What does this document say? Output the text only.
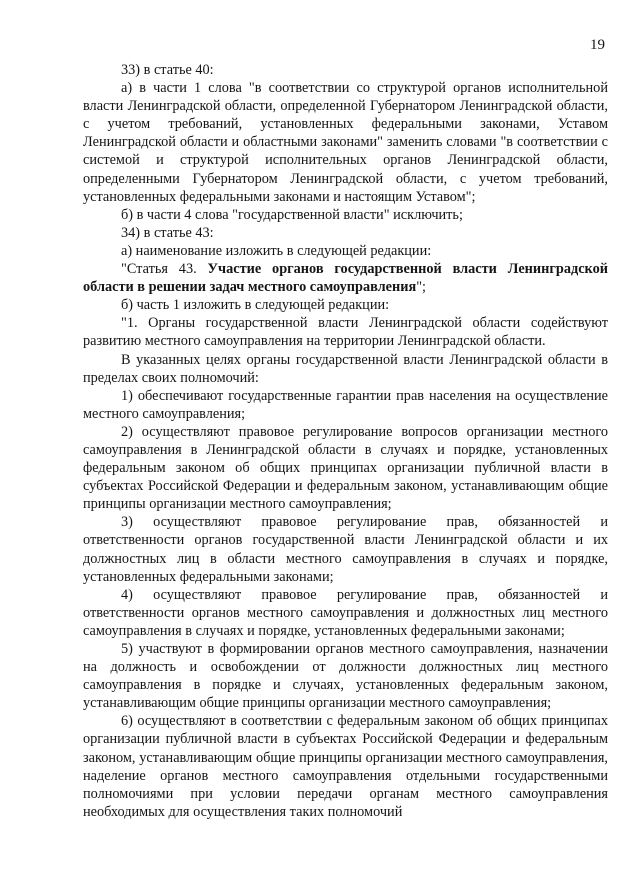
19

33) в статье 40:

а) в части 1 слова "в соответствии со структурой органов исполнительной власти Ленинградской области, определенной Губернатором Ленинградской области, с учетом требований, установленных федеральными законами, Уставом Ленинградской области и областными законами" заменить словами "в соответствии с системой и структурой исполнительных органов Ленинградской области, определенными Губернатором Ленинградской области, с учетом требований, установленных федеральными законами и настоящим Уставом";

б) в части 4 слова "государственной власти" исключить;

34) в статье 43:

а) наименование изложить в следующей редакции:

"Статья 43. Участие органов государственной власти Ленинградской области в решении задач местного самоуправления";

б) часть 1 изложить в следующей редакции:

"1. Органы государственной власти Ленинградской области содействуют развитию местного самоуправления на территории Ленинградской области.

В указанных целях органы государственной власти Ленинградской области в пределах своих полномочий:

1) обеспечивают государственные гарантии прав населения на осуществление местного самоуправления;

2) осуществляют правовое регулирование вопросов организации местного самоуправления в Ленинградской области в случаях и порядке, установленных федеральным законом об общих принципах организации публичной власти в субъектах Российской Федерации и федеральным законом, устанавливающим общие принципы организации местного самоуправления;

3) осуществляют правовое регулирование прав, обязанностей и ответственности органов государственной власти Ленинградской области и их должностных лиц в области местного самоуправления в случаях и порядке, установленных федеральными законами;

4) осуществляют правовое регулирование прав, обязанностей и ответственности органов местного самоуправления и должностных лиц местного самоуправления в случаях и порядке, установленных федеральными законами;

5) участвуют в формировании органов местного самоуправления, назначении на должность и освобождении от должности должностных лиц местного самоуправления в порядке и случаях, установленных федеральным законом, устанавливающим общие принципы организации местного самоуправления;

6) осуществляют в соответствии с федеральным законом об общих принципах организации публичной власти в субъектах Российской Федерации и федеральным законом, устанавливающим общие принципы организации местного самоуправления, наделение органов местного самоуправления отдельными государственными полномочиями при условии передачи органам местного самоуправления необходимых для осуществления таких полномочий
